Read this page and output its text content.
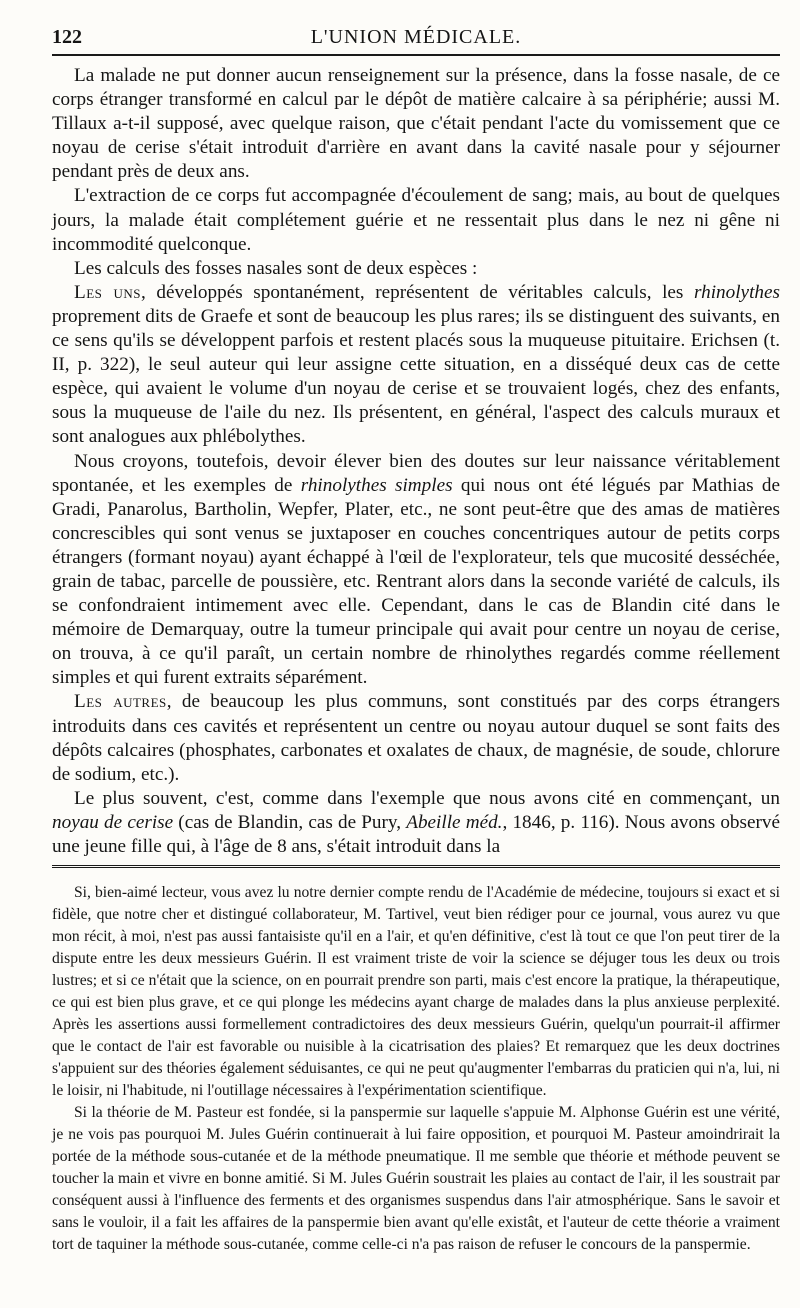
122	L'UNION MÉDICALE.

La malade ne put donner aucun renseignement sur la présence, dans la fosse nasale, de ce corps étranger transformé en calcul par le dépôt de matière calcaire à sa périphérie; aussi M. Tillaux a-t-il supposé, avec quelque raison, que c'était pendant l'acte du vomissement que ce noyau de cerise s'était introduit d'arrière en avant dans la cavité nasale pour y séjourner pendant près de deux ans.

L'extraction de ce corps fut accompagnée d'écoulement de sang; mais, au bout de quelques jours, la malade était complétement guérie et ne ressentait plus dans le nez ni gêne ni incommodité quelconque.

Les calculs des fosses nasales sont de deux espèces :

Les uns, développés spontanément, représentent de véritables calculs, les rhinolythes proprement dits de Graefe et sont de beaucoup les plus rares; ils se distinguent des suivants, en ce sens qu'ils se développent parfois et restent placés sous la muqueuse pituitaire. Erichsen (t. II, p. 322), le seul auteur qui leur assigne cette situation, en a disséqué deux cas de cette espèce, qui avaient le volume d'un noyau de cerise et se trouvaient logés, chez des enfants, sous la muqueuse de l'aile du nez. Ils présentent, en général, l'aspect des calculs muraux et sont analogues aux phlébolythes.

Nous croyons, toutefois, devoir élever bien des doutes sur leur naissance véritablement spontanée, et les exemples de rhinolythes simples qui nous ont été légués par Mathias de Gradi, Panarolus, Bartholin, Wepfer, Plater, etc., ne sont peut-être que des amas de matières concrescibles qui sont venus se juxtaposer en couches concentriques autour de petits corps étrangers (formant noyau) ayant échappé à l'œil de l'explorateur, tels que mucosité desséchée, grain de tabac, parcelle de poussière, etc. Rentrant alors dans la seconde variété de calculs, ils se confondraient intimement avec elle. Cependant, dans le cas de Blandin cité dans le mémoire de Demarquay, outre la tumeur principale qui avait pour centre un noyau de cerise, on trouva, à ce qu'il paraît, un certain nombre de rhinolythes regardés comme réellement simples et qui furent extraits séparément.

Les autres, de beaucoup les plus communs, sont constitués par des corps étrangers introduits dans ces cavités et représentent un centre ou noyau autour duquel se sont faits des dépôts calcaires (phosphates, carbonates et oxalates de chaux, de magnésie, de soude, chlorure de sodium, etc.).

Le plus souvent, c'est, comme dans l'exemple que nous avons cité en commençant, un noyau de cerise (cas de Blandin, cas de Pury, Abeille méd., 1846, p. 116). Nous avons observé une jeune fille qui, à l'âge de 8 ans, s'était introduit dans la

Si, bien-aimé lecteur, vous avez lu notre dernier compte rendu de l'Académie de médecine, toujours si exact et si fidèle, que notre cher et distingué collaborateur, M. Tartivel, veut bien rédiger pour ce journal, vous aurez vu que mon récit, à moi, n'est pas aussi fantaisiste qu'il en a l'air, et qu'en définitive, c'est là tout ce que l'on peut tirer de la dispute entre les deux messieurs Guérin. Il est vraiment triste de voir la science se déjuger tous les deux ou trois lustres; et si ce n'était que la science, on en pourrait prendre son parti, mais c'est encore la pratique, la thérapeutique, ce qui est bien plus grave, et ce qui plonge les médecins ayant charge de malades dans la plus anxieuse perplexité. Après les assertions aussi formellement contradictoires des deux messieurs Guérin, quelqu'un pourrait-il affirmer que le contact de l'air est favorable ou nuisible à la cicatrisation des plaies? Et remarquez que les deux doctrines s'appuient sur des théories également séduisantes, ce qui ne peut qu'augmenter l'embarras du praticien qui n'a, lui, ni le loisir, ni l'habitude, ni l'outillage nécessaires à l'expérimentation scientifique.

Si la théorie de M. Pasteur est fondée, si la panspermie sur laquelle s'appuie M. Alphonse Guérin est une vérité, je ne vois pas pourquoi M. Jules Guérin continuerait à lui faire opposition, et pourquoi M. Pasteur amoindrirait la portée de la méthode sous-cutanée et de la méthode pneumatique. Il me semble que théorie et méthode peuvent se toucher la main et vivre en bonne amitié. Si M. Jules Guérin soustrait les plaies au contact de l'air, il les soustrait par conséquent aussi à l'influence des ferments et des organismes suspendus dans l'air atmosphérique. Sans le savoir et sans le vouloir, il a fait les affaires de la panspermie bien avant qu'elle existât, et l'auteur de cette théorie a vraiment tort de taquiner la méthode sous-cutanée, comme celle-ci n'a pas raison de refuser le concours de la panspermie.
